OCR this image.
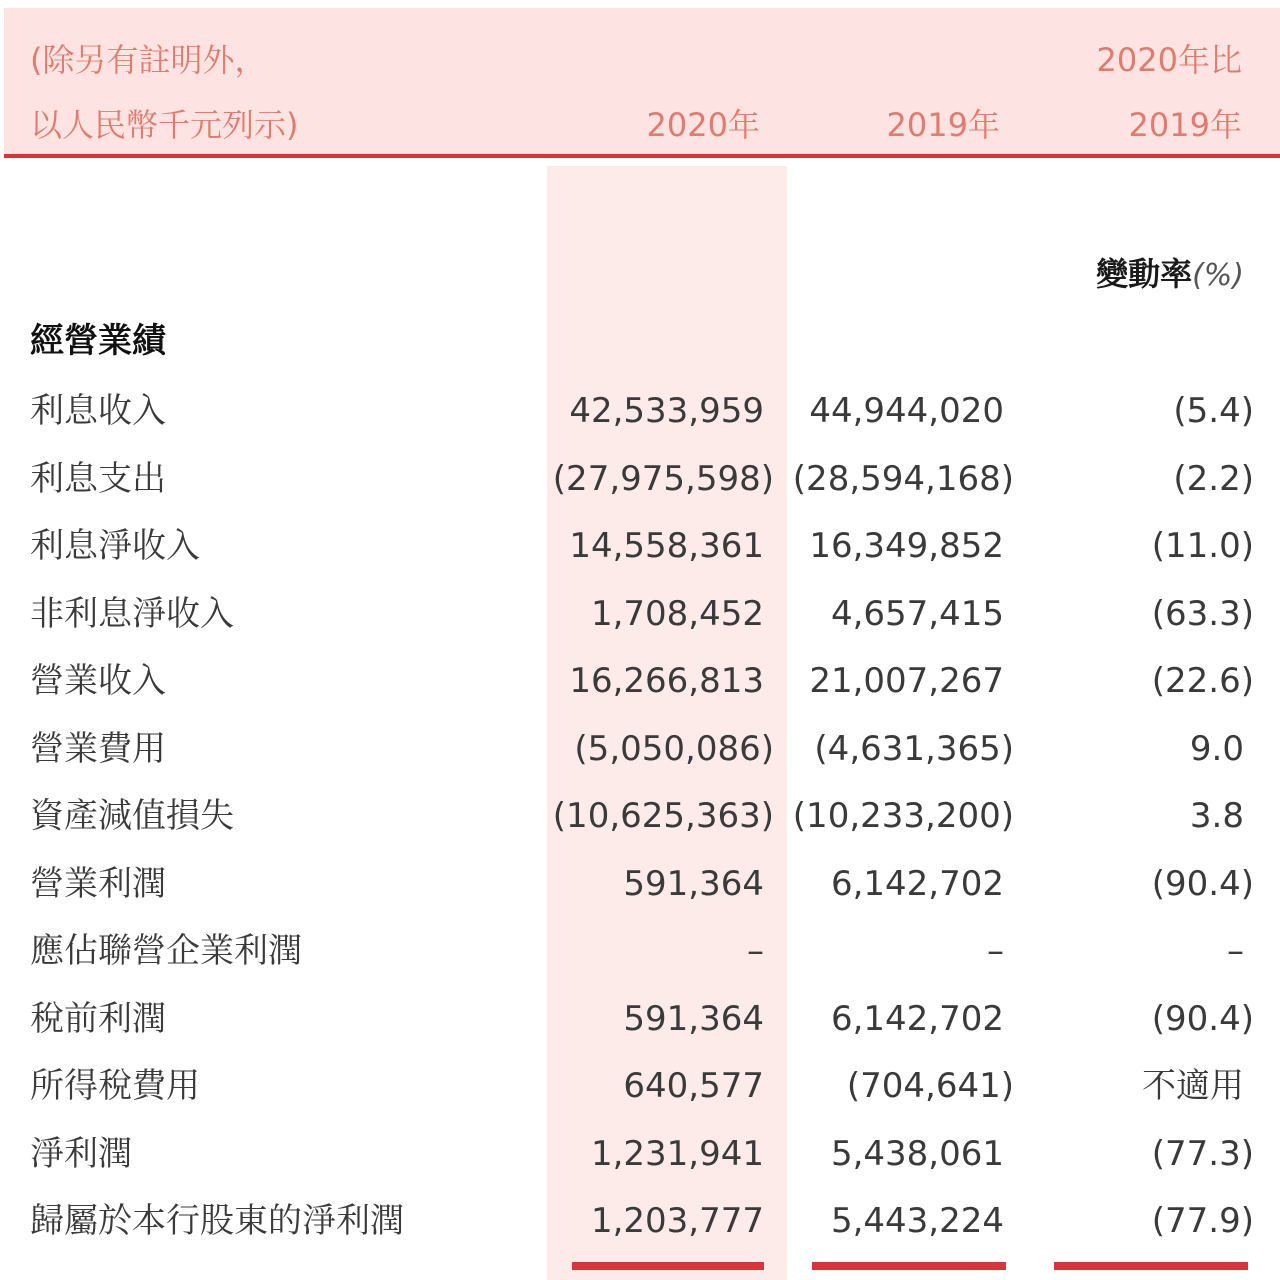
(除另有註明外，
以人民幣千元列示)	2020年	2019年
2020年比
2019年
變動率(%)
經營業績
利息收入	42,533,959 44,944,020	(5.4)
利息支出	(27,975,598) (28,594,168)	(2.2)
利息淨收入	14,558,361 16,349,852	(11.0)
非利息淨收入	1,708,452 4,657,415	(63.3)
營業收入	16,266,813 21,007,267	(22.6)
營業費用	(5,050,086) (4,631,365)	9.0
資產減值損失	(10,625,363) (10,233,200)	3.8
營業利潤	591,364 6,142,702	(90.4)
應佔聯營企業利潤	–	–	–
稅前利潤	591,364 6,142,702	(90.4)
所得稅費用	640,577 (704,641)	不適用
淨利潤	1,231,941 5,438,061	(77.3)
歸屬於本行股東的淨利潤	1,203,777 5,443,224	(77.9)
